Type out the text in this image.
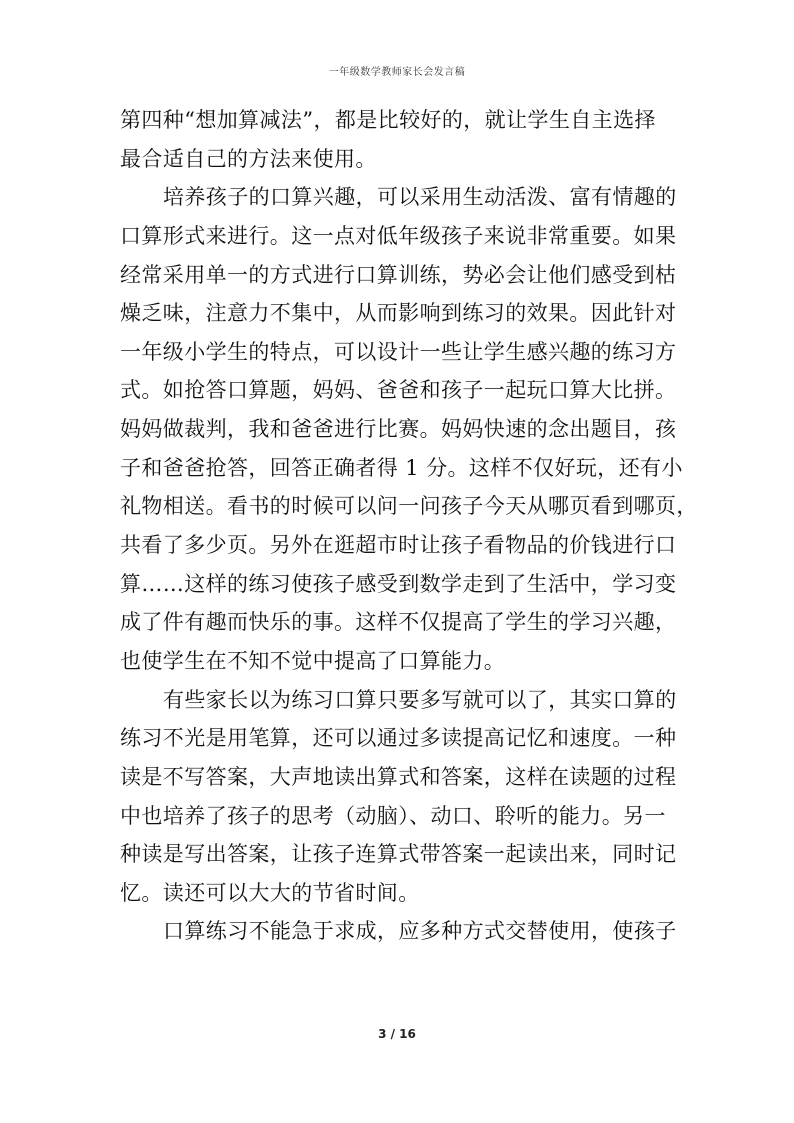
一年级数学教师家长会发言稿
第四种“想加算减法”，都是比较好的，就让学生自主选择
最合适自己的方法来使用。
培养孩子的口算兴趣，可以采用生动活泼、富有情趣的
口算形式来进行。这一点对低年级孩子来说非常重要。如果
经常采用单一的方式进行口算训练，势必会让他们感受到枯
燥乏味，注意力不集中，从而影响到练习的效果。因此针对
一年级小学生的特点，可以设计一些让学生感兴趣的练习方
式。如抢答口算题，妈妈、爸爸和孩子一起玩口算大比拼。
妈妈做裁判，我和爸爸进行比赛。妈妈快速的念出题目，孩
子和爸爸抢答，回答正确者得 1 分。这样不仅好玩，还有小
礼物相送。看书的时候可以问一问孩子今天从哪页看到哪页，
共看了多少页。另外在逛超市时让孩子看物品的价钱进行口
算……这样的练习使孩子感受到数学走到了生活中，学习变
成了件有趣而快乐的事。这样不仅提高了学生的学习兴趣，
也使学生在不知不觉中提高了口算能力。
有些家长以为练习口算只要多写就可以了，其实口算的
练习不光是用笔算，还可以通过多读提高记忆和速度。一种
读是不写答案，大声地读出算式和答案，这样在读题的过程
中也培养了孩子的思考（动脑）、动口、聆听的能力。另一
种读是写出答案，让孩子连算式带答案一起读出来，同时记
忆。读还可以大大的节省时间。
口算练习不能急于求成，应多种方式交替使用，使孩子
3 / 16
